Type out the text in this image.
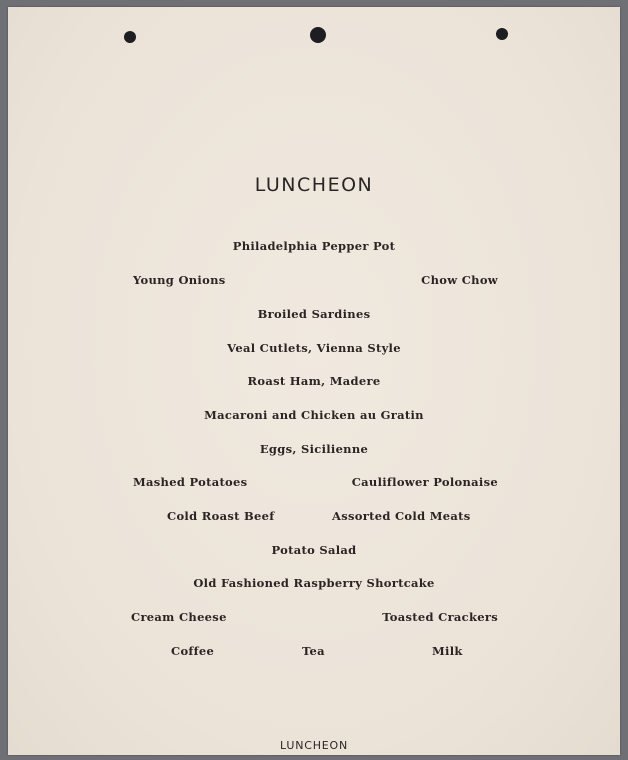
LUNCHEON
Philadelphia Pepper Pot
Young Onions	Chow Chow
Broiled Sardines
Veal Cutlets, Vienna Style
Roast Ham, Madere
Macaroni and Chicken au Gratin
Eggs, Sicilienne
Mashed Potatoes	Cauliflower Polonaise
Cold Roast Beef	Assorted Cold Meats
Potato Salad
Old Fashioned Raspberry Shortcake
Cream Cheese	Toasted Crackers
Coffee	Tea	Milk
LUNCHEON
